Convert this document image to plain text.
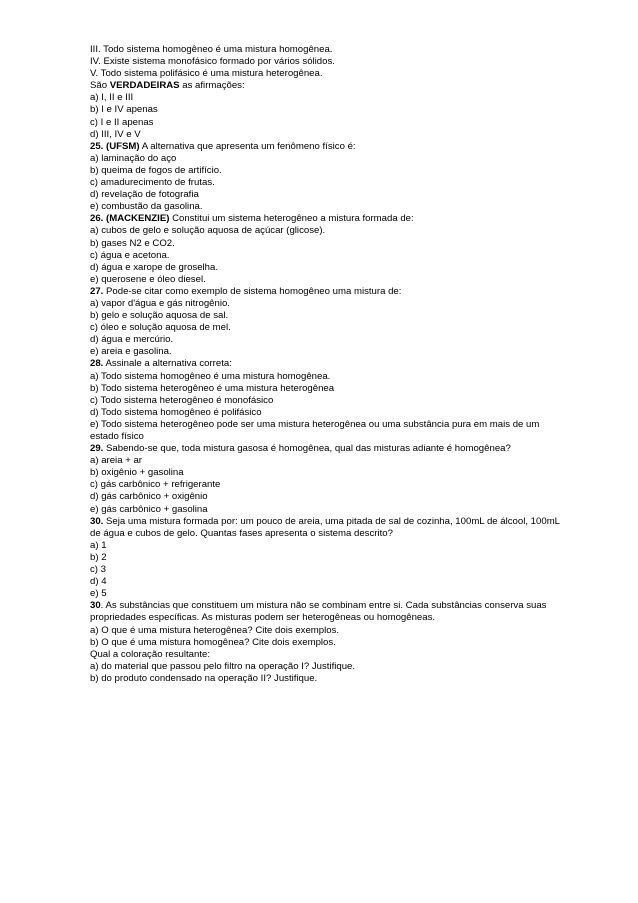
III. Todo sistema homogêneo é uma mistura homogênea.
IV. Existe sistema monofásico formado por vários sólidos.
V. Todo sistema polifásico é uma mistura heterogênea.
São VERDADEIRAS as afirmações:
a) I, II e III
b) I e IV apenas
c) I e II apenas
d) III, IV e V
25. (UFSM) A alternativa que apresenta um fenômeno físico é:
a) laminação do aço
b) queima de fogos de artifício.
c) amadurecimento de frutas.
d) revelação de fotografia
e) combustão da gasolina.
26. (MACKENZIE) Constitui um sistema heterogêneo a mistura formada de:
a) cubos de gelo e solução aquosa de açúcar (glicose).
b) gases N2 e CO2.
c) água e acetona.
d) água e xarope de groselha.
e) querosene e óleo diesel.
27. Pode-se citar como exemplo de sistema homogêneo uma mistura de:
a) vapor d'água e gás nitrogênio.
b) gelo e solução aquosa de sal.
c) óleo e solução aquosa de mel.
d) água e mercúrio.
e) areia e gasolina.
28. Assinale a alternativa correta:
a) Todo sistema homogêneo é uma mistura homogênea.
b) Todo sistema heterogêneo é uma mistura heterogênea
c) Todo sistema heterogêneo é monofásico
d) Todo sistema homogêneo é polifásico
e) Todo sistema heterogêneo pode ser uma mistura heterogênea ou uma substância pura em mais de um estado físico
29. Sabendo-se que, toda mistura gasosa é homogênea, qual das misturas adiante é homogênea?
a) areia + ar
b) oxigênio + gasolina
c) gás carbônico + refrigerante
d) gás carbônico + oxigênio
e) gás carbônico + gasolina
30. Seja uma mistura formada por: um pouco de areia, uma pitada de sal de cozinha, 100mL de álcool, 100mL de água e cubos de gelo. Quantas fases apresenta o sistema descrito?
a) 1
b) 2
c) 3
d) 4
e) 5
30. As substâncias que constituem um mistura não se combinam entre si. Cada substâncias conserva suas propriedades específicas. As misturas podem ser heterogêneas ou homogêneas.
a) O que é uma mistura heterogênea? Cite dois exemplos.
b) O que é uma mistura homogênea? Cite dois exemplos.
Qual a coloração resultante:
a) do material que passou pelo filtro na operação I? Justifique.
b) do produto condensado na operação II? Justifique.
